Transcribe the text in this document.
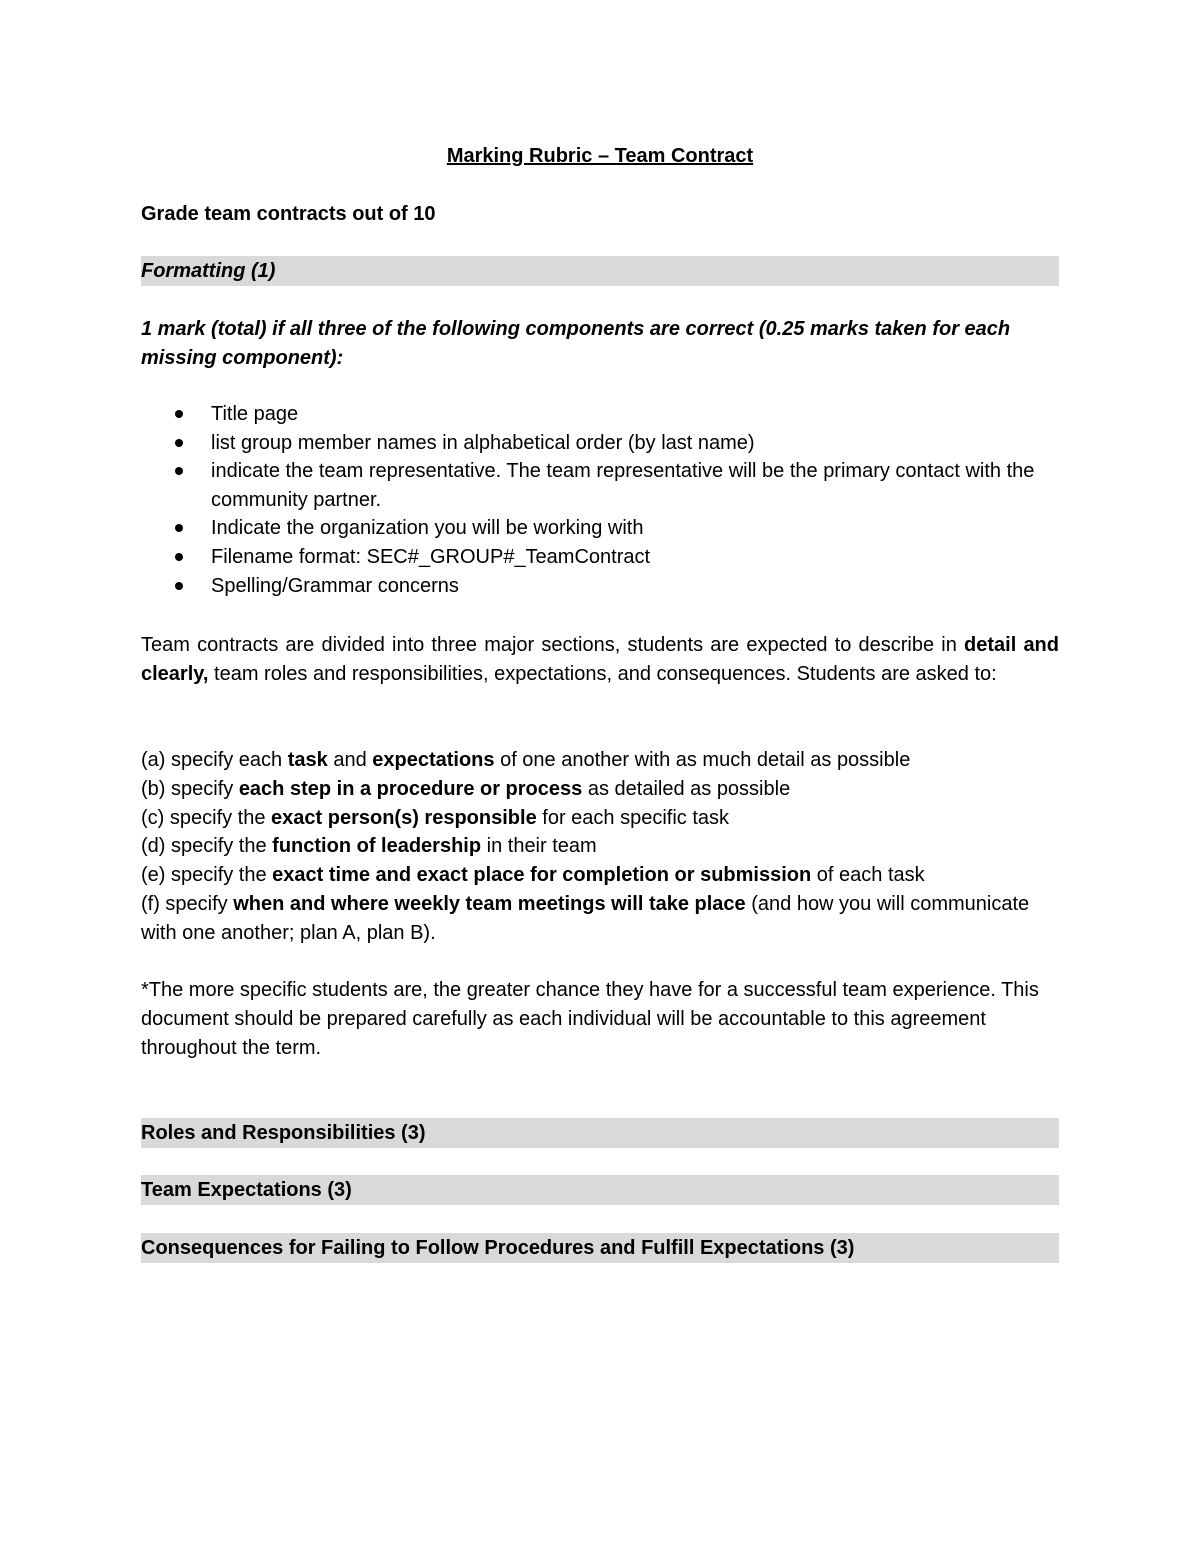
Marking Rubric – Team Contract
Grade team contracts out of 10
Formatting (1)
1 mark (total) if all three of the following components are correct (0.25 marks taken for each missing component):
Title page
list group member names in alphabetical order (by last name)
indicate the team representative. The team representative will be the primary contact with the community partner.
Indicate the organization you will be working with
Filename format: SEC#_GROUP#_TeamContract
Spelling/Grammar concerns
Team contracts are divided into three major sections, students are expected to describe in detail and clearly, team roles and responsibilities, expectations, and consequences. Students are asked to:
(a) specify each task and expectations of one another with as much detail as possible
(b) specify each step in a procedure or process as detailed as possible
(c) specify the exact person(s) responsible for each specific task
(d) specify the function of leadership in their team
(e) specify the exact time and exact place for completion or submission of each task
(f) specify when and where weekly team meetings will take place (and how you will communicate with one another; plan A, plan B).
*The more specific students are, the greater chance they have for a successful team experience. This document should be prepared carefully as each individual will be accountable to this agreement throughout the term.
Roles and Responsibilities (3)
Team Expectations (3)
Consequences for Failing to Follow Procedures and Fulfill Expectations (3)
